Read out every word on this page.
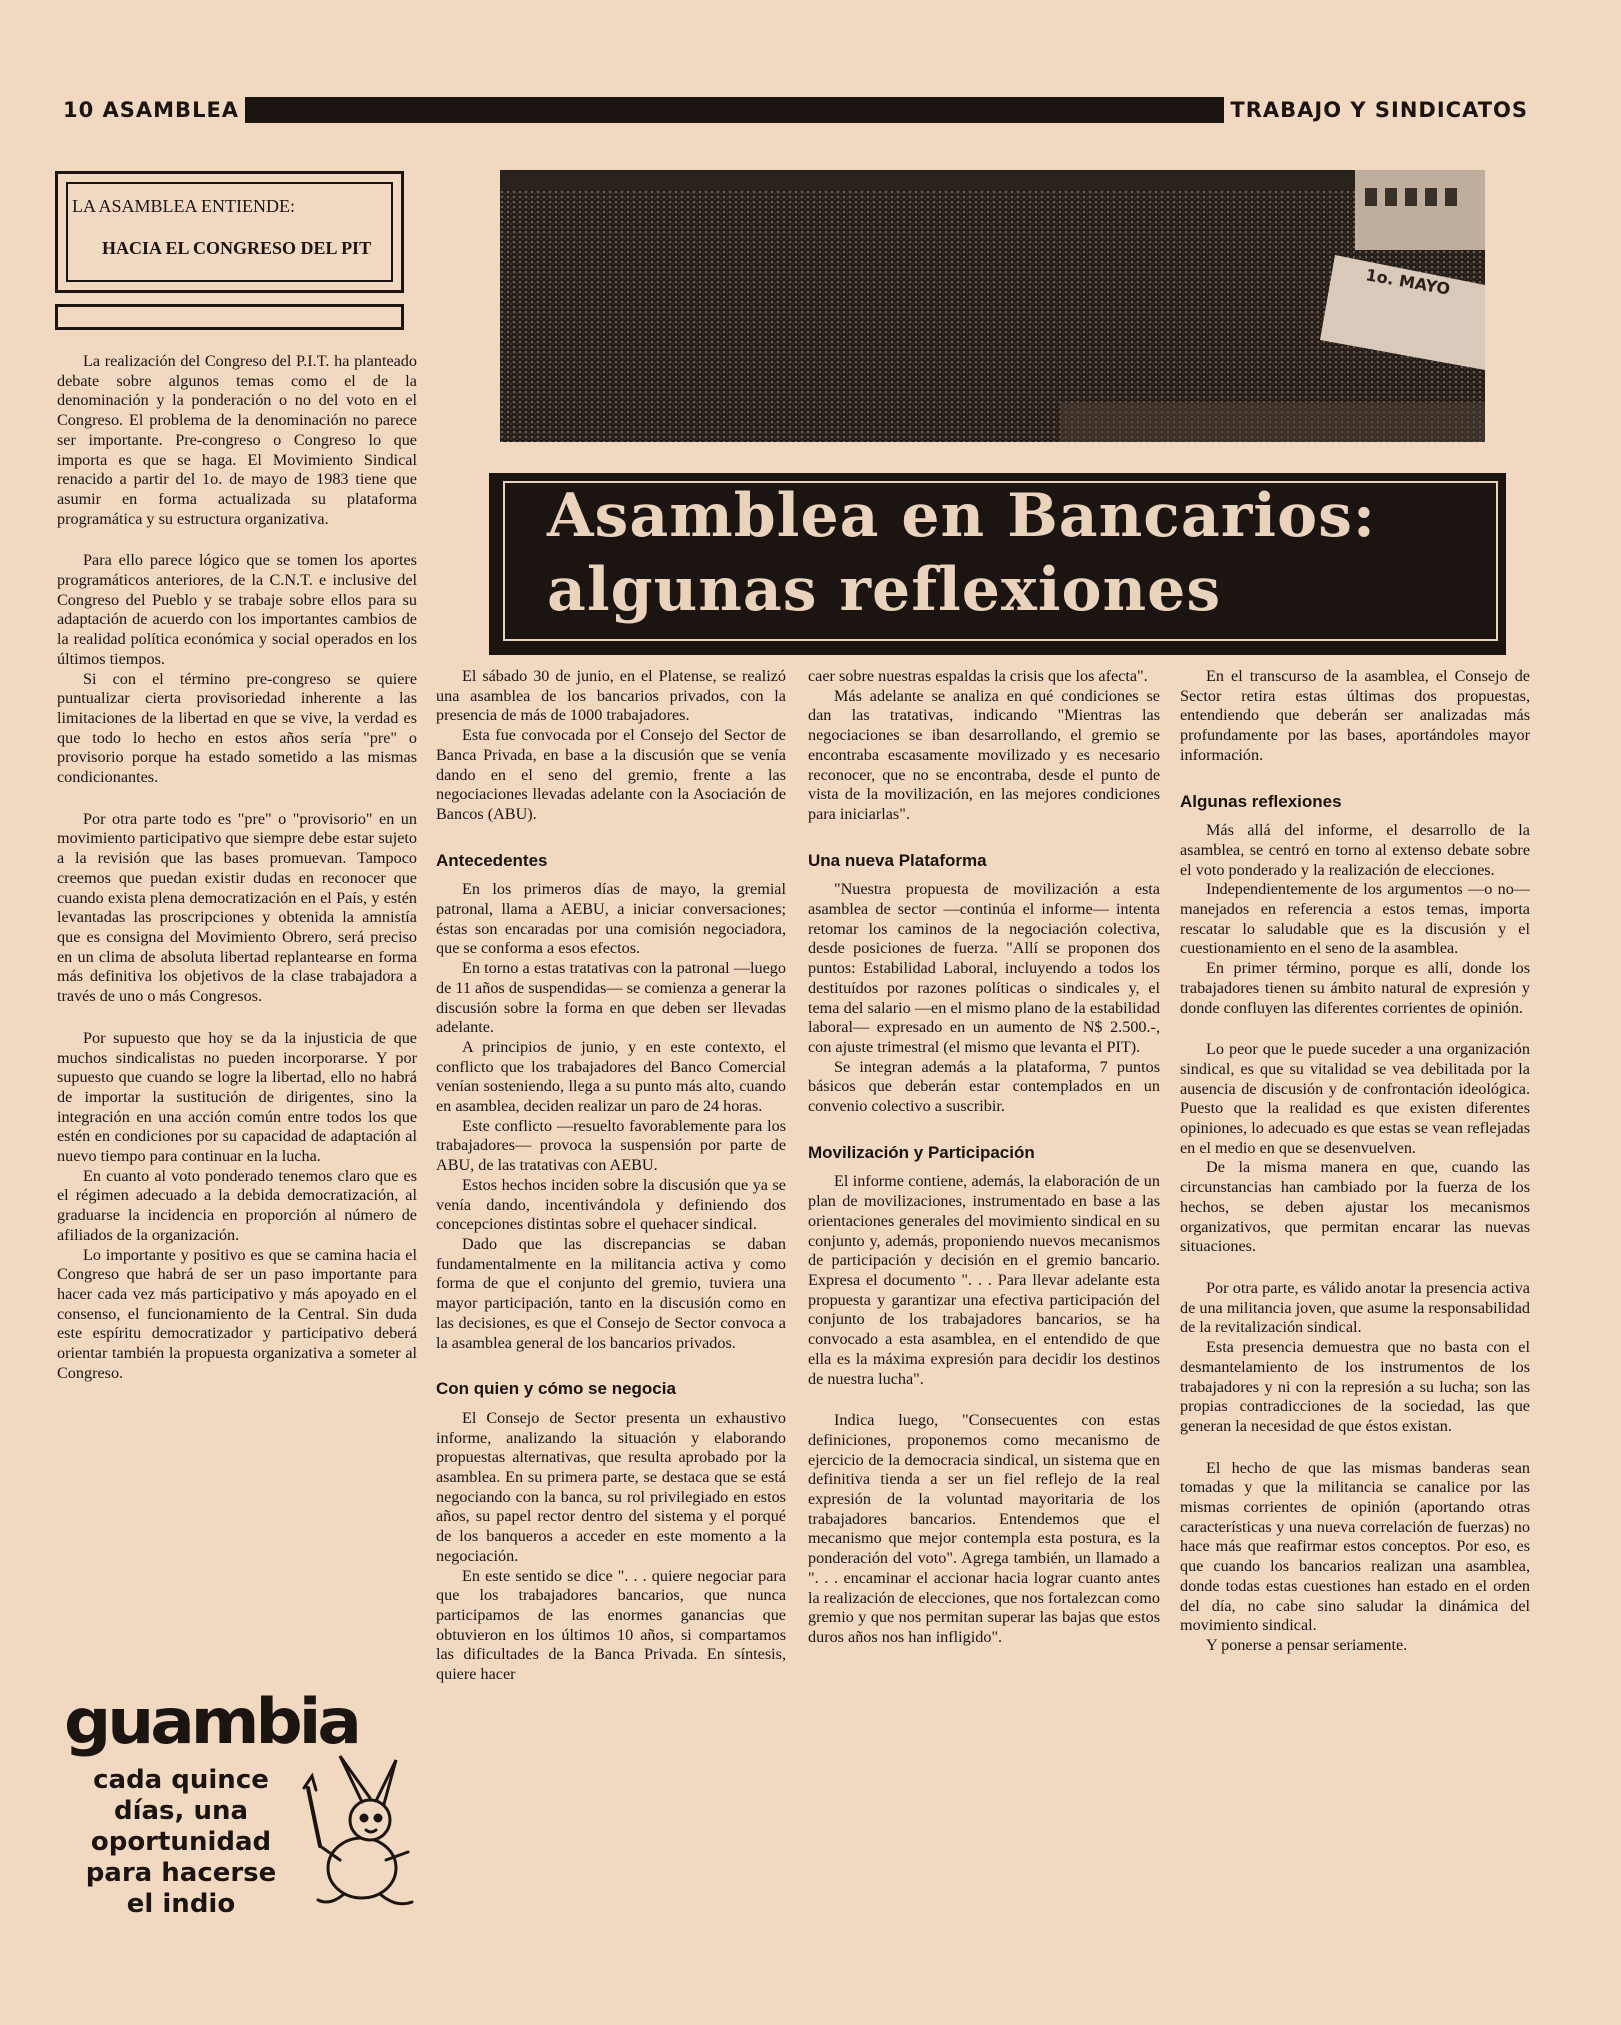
10 ASAMBLEA	TRABAJO Y SINDICATOS
LA ASAMBLEA ENTIENDE:
HACIA EL CONGRESO DEL PIT

La realización del Congreso del P.I.T. ha planteado debate sobre algunos temas como el de la denominación y la ponderación o no del voto en el Congreso. El problema de la denominación no parece ser importante. Pre-congreso o Congreso lo que importa es que se haga. El Movimiento Sindical renacido a partir del 1o. de mayo de 1983 tiene que asumir en forma actualizada su plataforma programática y su estructura organizativa.

Para ello parece lógico que se tomen los aportes programáticos anteriores, de la C.N.T. e inclusive del Congreso del Pueblo y se trabaje sobre ellos para su adaptación de acuerdo con los importantes cambios de la realidad política económica y social operados en los últimos tiempos.

Si con el término pre-congreso se quiere puntualizar cierta provisoriedad inherente a las limitaciones de la libertad en que se vive, la verdad es que todo lo hecho en estos años sería "pre" o provisorio porque ha estado sometido a las mismas condicionantes.

Por otra parte todo es "pre" o "provisorio" en un movimiento participativo que siempre debe estar sujeto a la revisión que las bases promuevan. Tampoco creemos que puedan existir dudas en reconocer que cuando exista plena democratización en el País, y estén levantadas las proscripciones y obtenida la amnistía que es consigna del Movimiento Obrero, será preciso en un clima de absoluta libertad replantearse en forma más definitiva los objetivos de la clase trabajadora a través de uno o más Congresos.

Por supuesto que hoy se da la injusticia de que muchos sindicalistas no pueden incorporarse. Y por supuesto que cuando se logre la libertad, ello no habrá de importar la sustitución de dirigentes, sino la integración en una acción común entre todos los que estén en condiciones por su capacidad de adaptación al nuevo tiempo para continuar en la lucha.

En cuanto al voto ponderado tenemos claro que es el régimen adecuado a la debida democratización, al graduarse la incidencia en proporción al número de afiliados de la organización.

Lo importante y positivo es que se camina hacia el Congreso que habrá de ser un paso importante para hacer cada vez más participativo y más apoyado en el consenso, el funcionamiento de la Central. Sin duda este espíritu democratizador y participativo deberá orientar también la propuesta organizativa a someter al Congreso.

guambia
cada quince
días, una
oportunidad
para hacerse
el indio
1o. MAYO
Asamblea en Bancarios:
algunas reflexiones

El sábado 30 de junio, en el Platense, se realizó una asamblea de los bancarios privados, con la presencia de más de 1000 trabajadores.

Esta fue convocada por el Consejo del Sector de Banca Privada, en base a la discusión que se venía dando en el seno del gremio, frente a las negociaciones llevadas adelante con la Asociación de Bancos (ABU).

Antecedentes

En los primeros días de mayo, la gremial patronal, llama a AEBU, a iniciar conversaciones; éstas son encaradas por una comisión negociadora, que se conforma a esos efectos.

En torno a estas tratativas con la patronal —luego de 11 años de suspendidas— se comienza a generar la discusión sobre la forma en que deben ser llevadas adelante.

A principios de junio, y en este contexto, el conflicto que los trabajadores del Banco Comercial venían sosteniendo, llega a su punto más alto, cuando en asamblea, deciden realizar un paro de 24 horas.

Este conflicto —resuelto favorablemente para los trabajadores— provoca la suspensión por parte de ABU, de las tratativas con AEBU.

Estos hechos inciden sobre la discusión que ya se venía dando, incentivándola y definiendo dos concepciones distintas sobre el quehacer sindical.

Dado que las discrepancias se daban fundamentalmente en la militancia activa y como forma de que el conjunto del gremio, tuviera una mayor participación, tanto en la discusión como en las decisiones, es que el Consejo de Sector convoca a la asamblea general de los bancarios privados.

Con quien y cómo se negocia

El Consejo de Sector presenta un exhaustivo informe, analizando la situación y elaborando propuestas alternativas, que resulta aprobado por la asamblea. En su primera parte, se destaca que se está negociando con la banca, su rol privilegiado en estos años, su papel rector dentro del sistema y el porqué de los banqueros a acceder en este momento a la negociación.

En este sentido se dice ". . . quiere negociar para que los trabajadores bancarios, que nunca participamos de las enormes ganancias que obtuvieron en los últimos 10 años, si compartamos las dificultades de la Banca Privada. En síntesis, quiere hacer

caer sobre nuestras espaldas la crisis que los afecta".

Más adelante se analiza en qué condiciones se dan las tratativas, indicando "Mientras las negociaciones se iban desarrollando, el gremio se encontraba escasamente movilizado y es necesario reconocer, que no se encontraba, desde el punto de vista de la movilización, en las mejores condiciones para iniciarlas".

Una nueva Plataforma

"Nuestra propuesta de movilización a esta asamblea de sector —continúa el informe— intenta retomar los caminos de la negociación colectiva, desde posiciones de fuerza. "Allí se proponen dos puntos: Estabilidad Laboral, incluyendo a todos los destituídos por razones políticas o sindicales y, el tema del salario —en el mismo plano de la estabilidad laboral— expresado en un aumento de N$ 2.500.-, con ajuste trimestral (el mismo que levanta el PIT).

Se integran además a la plataforma, 7 puntos básicos que deberán estar contemplados en un convenio colectivo a suscribir.

Movilización y Participación

El informe contiene, además, la elaboración de un plan de movilizaciones, instrumentado en base a las orientaciones generales del movimiento sindical en su conjunto y, además, proponiendo nuevos mecanismos de participación y decisión en el gremio bancario. Expresa el documento ". . . Para llevar adelante esta propuesta y garantizar una efectiva participación del conjunto de los trabajadores bancarios, se ha convocado a esta asamblea, en el entendido de que ella es la máxima expresión para decidir los destinos de nuestra lucha".

Indica luego, "Consecuentes con estas definiciones, proponemos como mecanismo de ejercicio de la democracia sindical, un sistema que en definitiva tienda a ser un fiel reflejo de la real expresión de la voluntad mayoritaria de los trabajadores bancarios. Entendemos que el mecanismo que mejor contempla esta postura, es la ponderación del voto". Agrega también, un llamado a ". . . encaminar el accionar hacia lograr cuanto antes la realización de elecciones, que nos fortalezcan como gremio y que nos permitan superar las bajas que estos duros años nos han infligido".

En el transcurso de la asamblea, el Consejo de Sector retira estas últimas dos propuestas, entendiendo que deberán ser analizadas más profundamente por las bases, aportándoles mayor información.

Algunas reflexiones

Más allá del informe, el desarrollo de la asamblea, se centró en torno al extenso debate sobre el voto ponderado y la realización de elecciones.

Independientemente de los argumentos —o no— manejados en referencia a estos temas, importa rescatar lo saludable que es la discusión y el cuestionamiento en el seno de la asamblea.

En primer término, porque es allí, donde los trabajadores tienen su ámbito natural de expresión y donde confluyen las diferentes corrientes de opinión.

Lo peor que le puede suceder a una organización sindical, es que su vitalidad se vea debilitada por la ausencia de discusión y de confrontación ideológica. Puesto que la realidad es que existen diferentes opiniones, lo adecuado es que estas se vean reflejadas en el medio en que se desenvuelven.

De la misma manera en que, cuando las circunstancias han cambiado por la fuerza de los hechos, se deben ajustar los mecanismos organizativos, que permitan encarar las nuevas situaciones.

Por otra parte, es válido anotar la presencia activa de una militancia joven, que asume la responsabilidad de la revitalización sindical.

Esta presencia demuestra que no basta con el desmantelamiento de los instrumentos de los trabajadores y ni con la represión a su lucha; son las propias contradicciones de la sociedad, las que generan la necesidad de que éstos existan.

El hecho de que las mismas banderas sean tomadas y que la militancia se canalice por las mismas corrientes de opinión (aportando otras características y una nueva correlación de fuerzas) no hace más que reafirmar estos conceptos. Por eso, es que cuando los bancarios realizan una asamblea, donde todas estas cuestiones han estado en el orden del día, no cabe sino saludar la dinámica del movimiento sindical.

Y ponerse a pensar seriamente.
